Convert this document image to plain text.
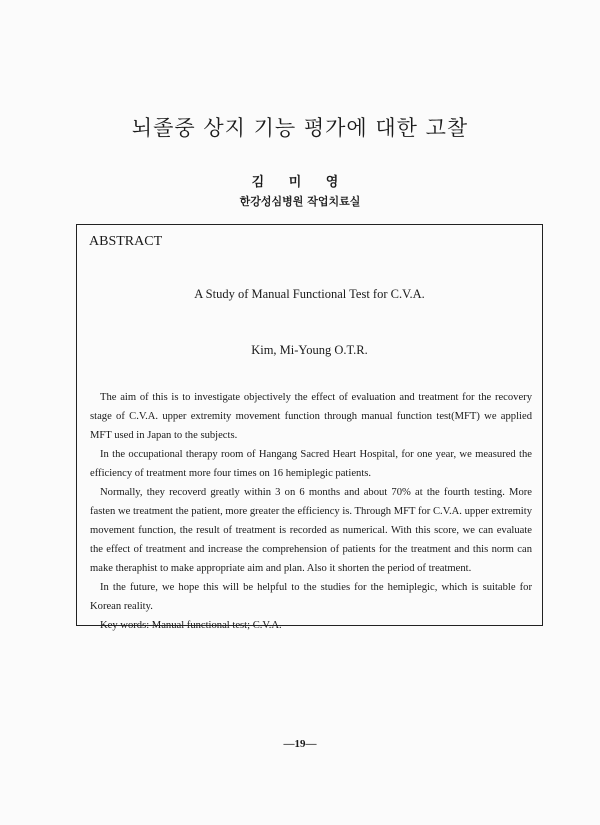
뇌졸중 상지 기능 평가에 대한 고찰
김 미 영
한강성심병원 작업치료실
ABSTRACT
A Study of Manual Functional Test for C.V.A.
Kim, Mi-Young O.T.R.

The aim of this is to investigate objectively the effect of evaluation and treatment for the recovery stage of C.V.A. upper extremity movement function through manual function test(MFT) we applied MFT used in Japan to the subjects.

In the occupational therapy room of Hangang Sacred Heart Hospital, for one year, we measured the efficiency of treatment more four times on 16 hemiplegic patients.

Normally, they recoverd greatly within 3 on 6 months and about 70% at the fourth testing. More fasten we treatment the patient, more greater the efficiency is. Through MFT for C.V.A. upper extremity movement function, the result of treatment is recorded as numerical. With this score, we can evaluate the effect of treatment and increase the comprehension of patients for the treatment and this norm can make theraphist to make appropriate aim and plan. Also it shorten the period of treatment.

In the future, we hope this will be helpful to the studies for the hemiplegic, which is suitable for Korean reality.

Key words: Manual functional test; C.V.A.

—19—
